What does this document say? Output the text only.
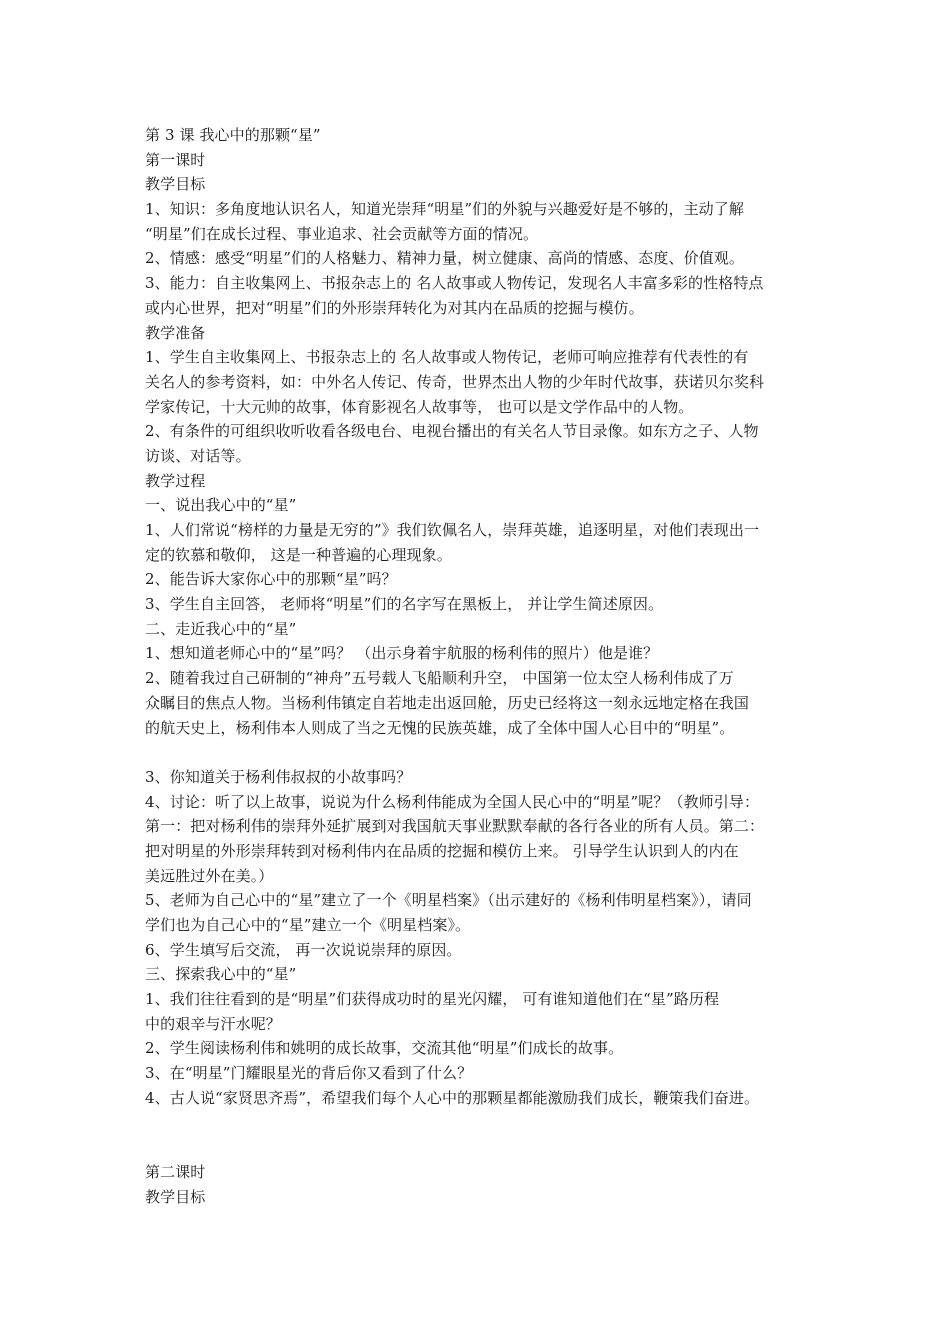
第 3 课 我心中的那颗“星”
第一课时
教学目标
1、知识：多角度地认识名人，知道光崇拜“明星”们的外貌与兴趣爱好是不够的，主动了解
“明星”们在成长过程、事业追求、社会贡献等方面的情况。
2、情感：感受“明星”们的人格魅力、精神力量，树立健康、高尚的情感、态度、价值观。
3、能力：自主收集网上、书报杂志上的 名人故事或人物传记，发现名人丰富多彩的性格特点
或内心世界，把对“明星”们的外形崇拜转化为对其内在品质的挖掘与模仿。
教学准备
1、学生自主收集网上、书报杂志上的 名人故事或人物传记，老师可响应推荐有代表性的有
关名人的参考资料，如：中外名人传记、传奇，世界杰出人物的少年时代故事，获诺贝尔奖科
学家传记，十大元帅的故事，体育影视名人故事等， 也可以是文学作品中的人物。
2、有条件的可组织收听收看各级电台、电视台播出的有关名人节目录像。如东方之子、人物
访谈、对话等。
教学过程
一、说出我心中的“星”
1、人们常说“榜样的力量是无穷的”》我们钦佩名人，崇拜英雄，追逐明星，对他们表现出一
定的钦慕和敬仰， 这是一种普遍的心理现象。
2、能告诉大家你心中的那颗“星”吗？
3、学生自主回答， 老师将“明星”们的名字写在黑板上， 并让学生简述原因。
二、走近我心中的“星”
1、想知道老师心中的“星”吗？ （出示身着宇航服的杨利伟的照片）他是谁？
2、随着我过自己研制的“神舟”五号载人飞船顺利升空， 中国第一位太空人杨利伟成了万
众瞩目的焦点人物。当杨利伟镇定自若地走出返回舱，历史已经将这一刻永远地定格在我国
的航天史上，杨利伟本人则成了当之无愧的民族英雄，成了全体中国人心目中的“明星”。
3、你知道关于杨利伟叔叔的小故事吗？
4、讨论：听了以上故事，说说为什么杨利伟能成为全国人民心中的“明星”呢？（教师引导：
第一：把对杨利伟的崇拜外延扩展到对我国航天事业默默奉献的各行各业的所有人员。第二：
把对明星的外形崇拜转到对杨利伟内在品质的挖掘和模仿上来。 引导学生认识到人的内在
美远胜过外在美。）
5、老师为自己心中的“星”建立了一个《明星档案》（出示建好的《杨利伟明星档案》），请同
学们也为自己心中的“星”建立一个《明星档案》。
6、学生填写后交流， 再一次说说崇拜的原因。
三、探索我心中的“星”
1、我们往往看到的是“明星”们获得成功时的星光闪耀， 可有谁知道他们在“星”路历程
中的艰辛与汗水呢？
2、学生阅读杨利伟和姚明的成长故事，交流其他“明星”们成长的故事。
3、在“明星”门耀眼星光的背后你又看到了什么？
4、古人说“家贤思齐焉”，希望我们每个人心中的那颗星都能激励我们成长，鞭策我们奋进。
第二课时
教学目标
